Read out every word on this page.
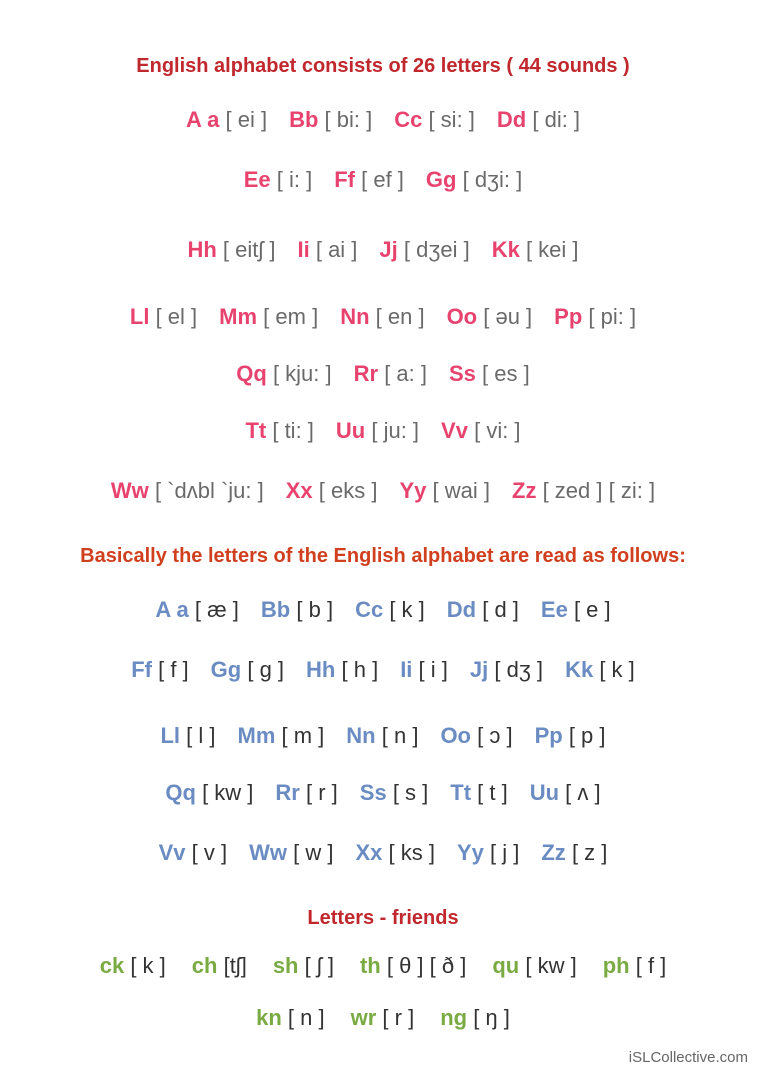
English alphabet consists of 26 letters ( 44 sounds )
A a [ ei ] Bb [ bi: ] Cc [ si: ] Dd [ di: ]
Ee [ i: ] Ff [ ef ] Gg [ dʒi: ]
Hh [ eitʃ ] Ii [ ai ] Jj [ dʒei ] Kk [ kei ]
Ll [ el ] Mm [ em ] Nn [ en ] Oo [ əu ] Pp [ pi: ]
Qq [ kju: ] Rr [ a: ] Ss [ es ]
Tt [ ti: ] Uu [ ju: ] Vv [ vi: ]
Ww [ `dʌbl `ju: ] Xx [ eks ] Yy [ wai ] Zz [ zed ] [ zi: ]
Basically the letters of the English alphabet are read as follows:
A a [ æ ] Bb [ b ] Cc [ k ] Dd [ d ] Ee [ e ]
Ff [ f ] Gg [ g ] Hh [ h ] Ii [ i ] Jj [ dʒ ] Kk [ k ]
Ll [ l ] Mm [ m ] Nn [ n ] Oo [ ɔ ] Pp [ p ]
Qq [ kw ] Rr [ r ] Ss [ s ] Tt [ t ] Uu [ ʌ ]
Vv [ v ] Ww [ w ] Xx [ ks ] Yy [ j ] Zz [ z ]
Letters - friends
ck [ k ] ch [tʃ] sh [ ʃ ] th [ θ ] [ ð ] qu [ kw ] ph [ f ]
kn [ n ] wr [ r ] ng [ ŋ ]
iSLCollective.com
